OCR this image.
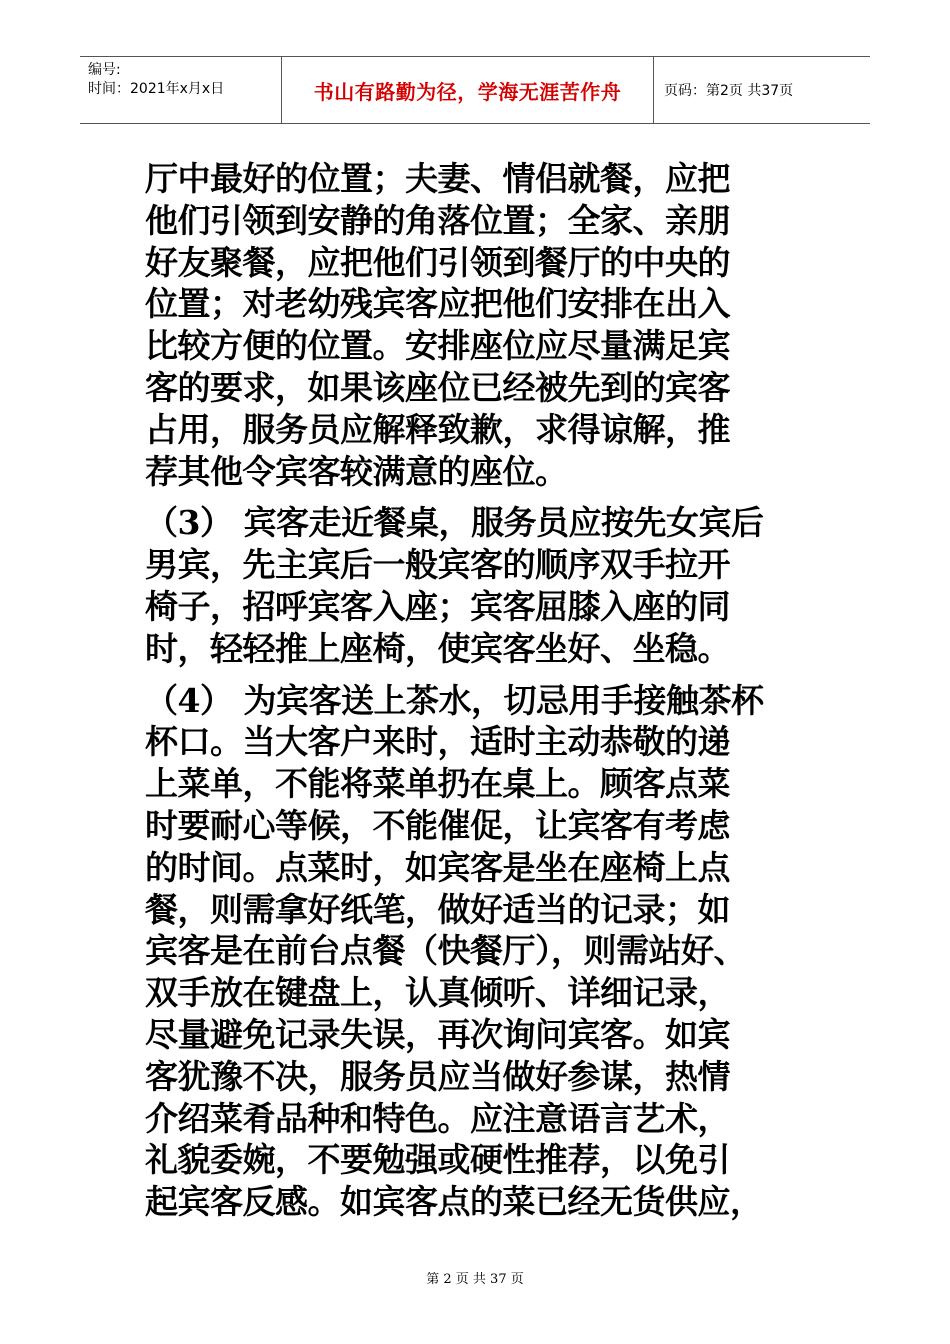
编号:
时间：2021年x月x日	书山有路勤为径，学海无涯苦作舟	页码：第2页 共37页

厅中最好的位置；夫妻、情侣就餐，应把
他们引领到安静的角落位置；全家、亲朋
好友聚餐，应把他们引领到餐厅的中央的
位置；对老幼残宾客应把他们安排在出入
比较方便的位置。安排座位应尽量满足宾
客的要求，如果该座位已经被先到的宾客
占用，服务员应解释致歉，求得谅解，推
荐其他令宾客较满意的座位。

（3） 宾客走近餐桌，服务员应按先女宾后
男宾，先主宾后一般宾客的顺序双手拉开
椅子，招呼宾客入座；宾客屈膝入座的同
时，轻轻推上座椅，使宾客坐好、坐稳。

（4） 为宾客送上茶水，切忌用手接触茶杯
杯口。当大客户来时，适时主动恭敬的递
上菜单，不能将菜单扔在桌上。顾客点菜
时要耐心等候，不能催促，让宾客有考虑
的时间。点菜时，如宾客是坐在座椅上点
餐，则需拿好纸笔，做好适当的记录；如
宾客是在前台点餐（快餐厅），则需站好、
双手放在键盘上，认真倾听、详细记录，
尽量避免记录失误，再次询问宾客。如宾
客犹豫不决，服务员应当做好参谋，热情
介绍菜肴品种和特色。应注意语言艺术，
礼貌委婉，不要勉强或硬性推荐，以免引
起宾客反感。如宾客点的菜已经无货供应，

第 2 页 共 37 页
